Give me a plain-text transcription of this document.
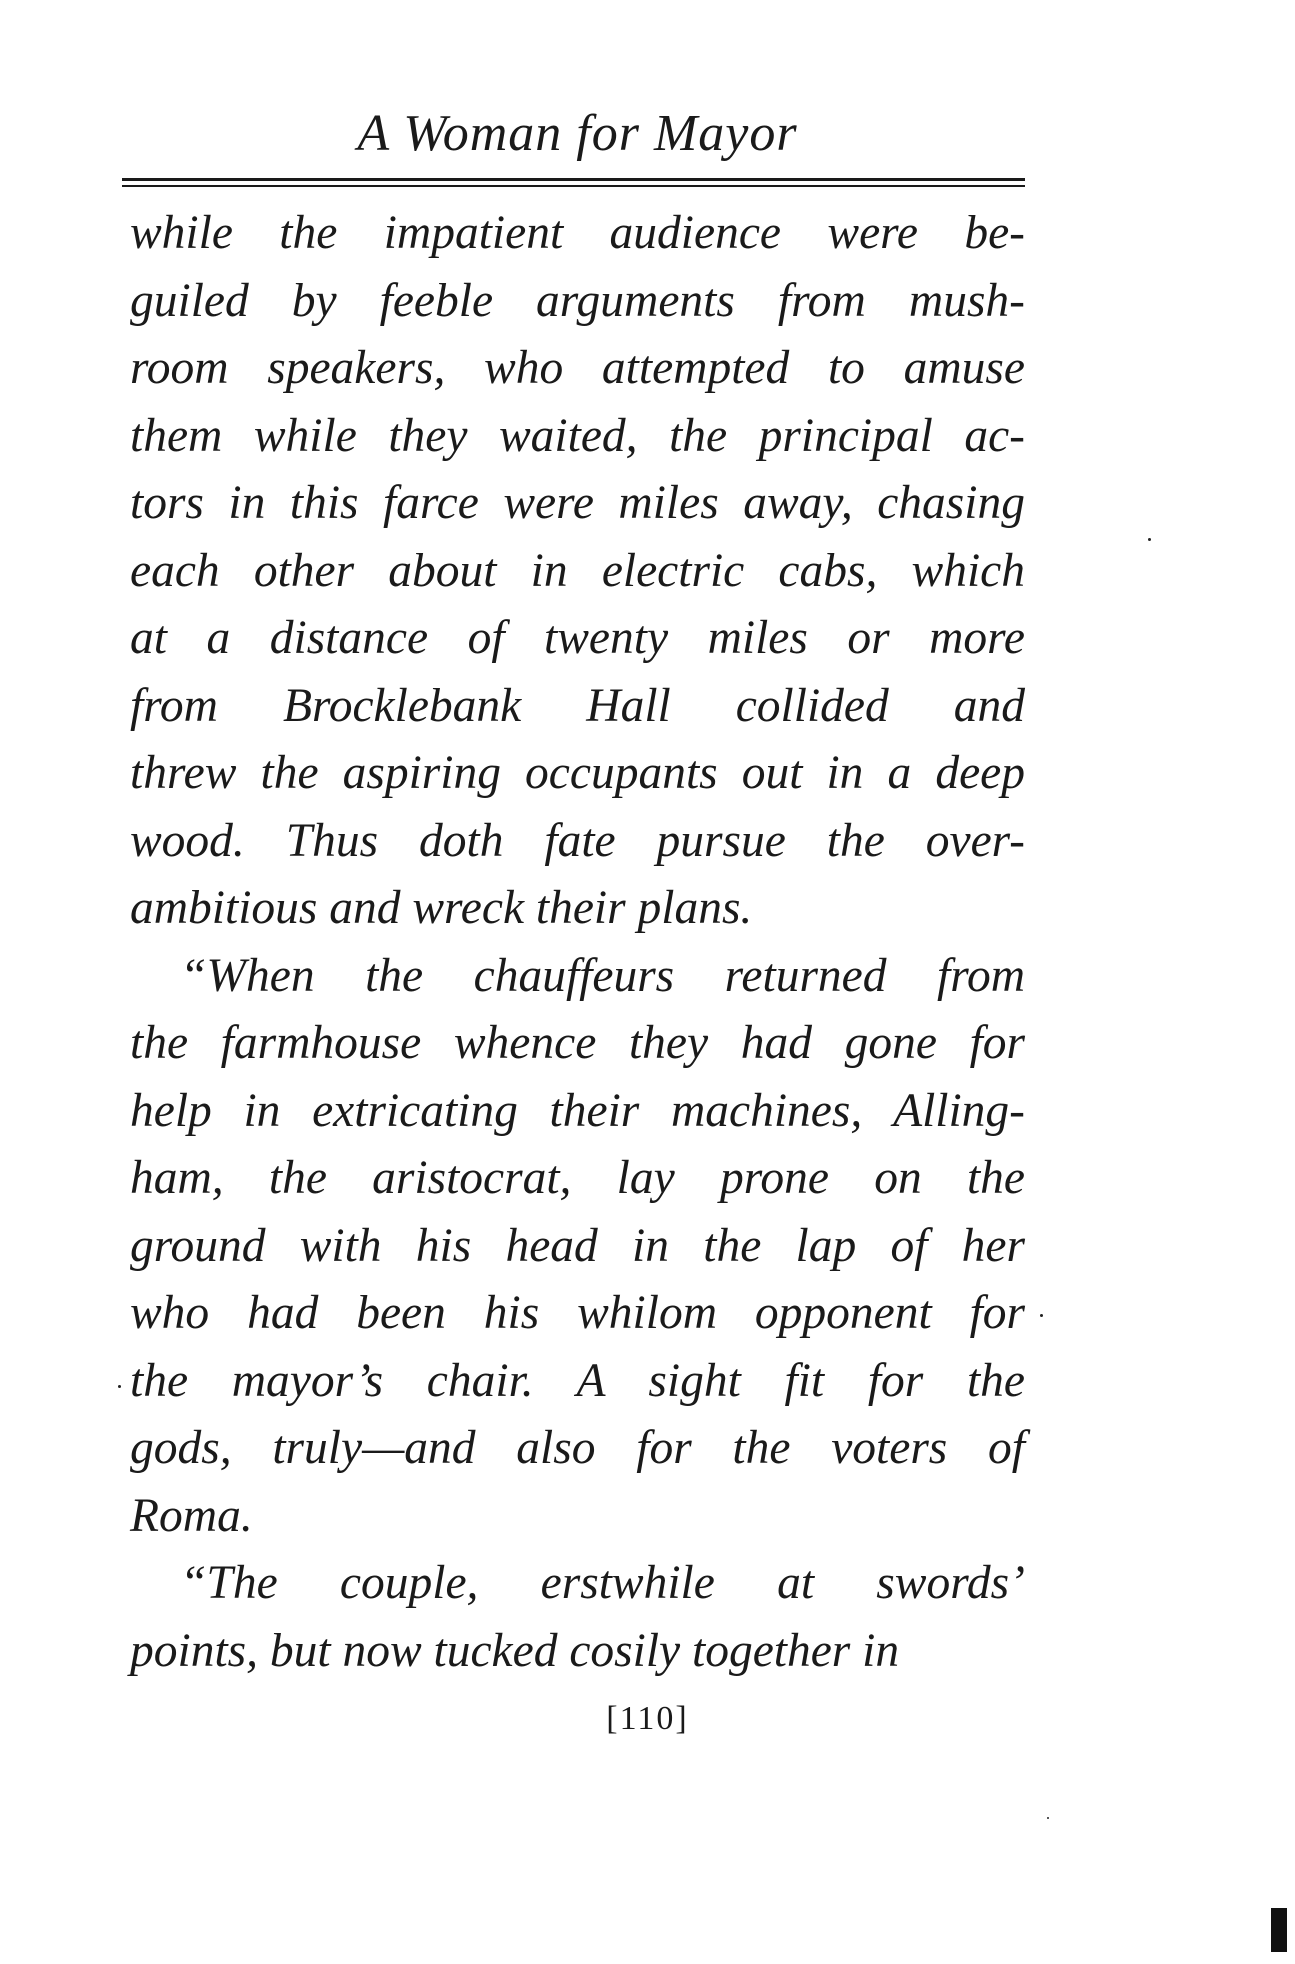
A Woman for Mayor
while the impatient audience were be-
guiled by feeble arguments from mush-
room speakers, who attempted to amuse
them while they waited, the principal ac-
tors in this farce were miles away, chasing
each other about in electric cabs, which
at a distance of twenty miles or more
from Brocklebank Hall collided and
threw the aspiring occupants out in a deep
wood. Thus doth fate pursue the over-
ambitious and wreck their plans.
“When the chauffeurs returned from
the farmhouse whence they had gone for
help in extricating their machines, Alling-
ham, the aristocrat, lay prone on the
ground with his head in the lap of her
who had been his whilom opponent for
the mayor’s chair. A sight fit for the
gods, truly—and also for the voters of
Roma.
“The couple, erstwhile at swords’
points, but now tucked cosily together in
[110]
